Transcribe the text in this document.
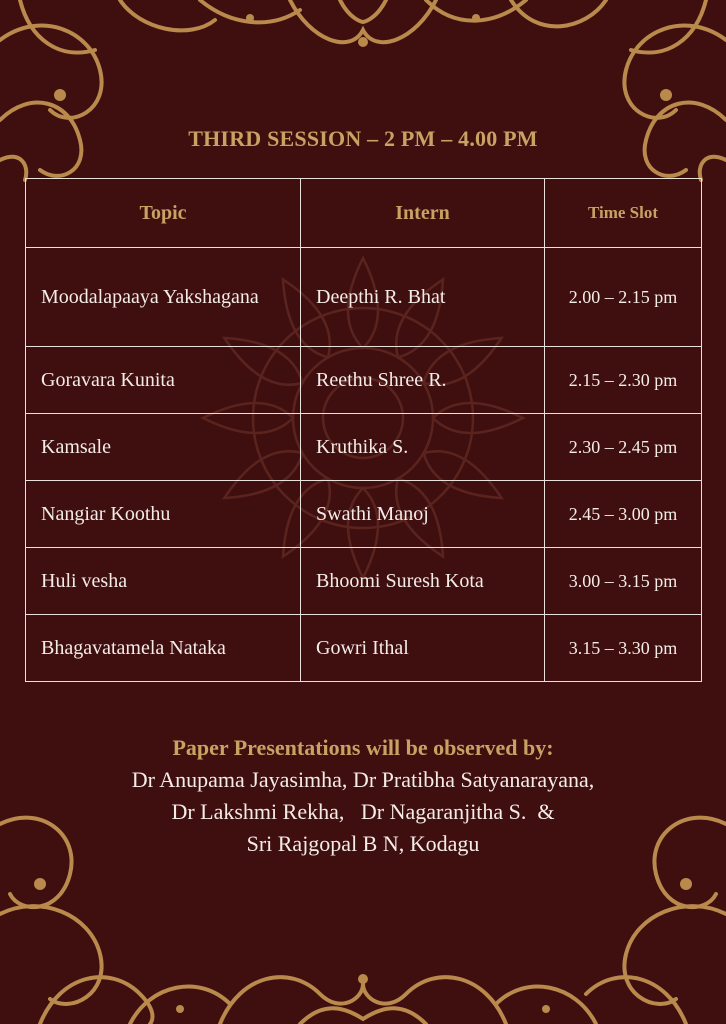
THIRD SESSION – 2 PM – 4.00 PM
Topic	Intern	Time Slot
Moodalapaaya Yakshagana	Deepthi R. Bhat	2.00 – 2.15 pm
Goravara Kunita	Reethu Shree R.	2.15 – 2.30 pm
Kamsale	Kruthika S.	2.30 – 2.45 pm
Nangiar Koothu	Swathi Manoj	2.45 – 3.00 pm
Huli vesha	Bhoomi Suresh Kota	3.00 – 3.15 pm
Bhagavatamela Nataka	Gowri Ithal	3.15 – 3.30 pm
Paper Presentations will be observed by:
Dr Anupama Jayasimha, Dr Pratibha Satyanarayana,
Dr Lakshmi Rekha,   Dr Nagaranjitha S.  &
Sri Rajgopal B N, Kodagu
